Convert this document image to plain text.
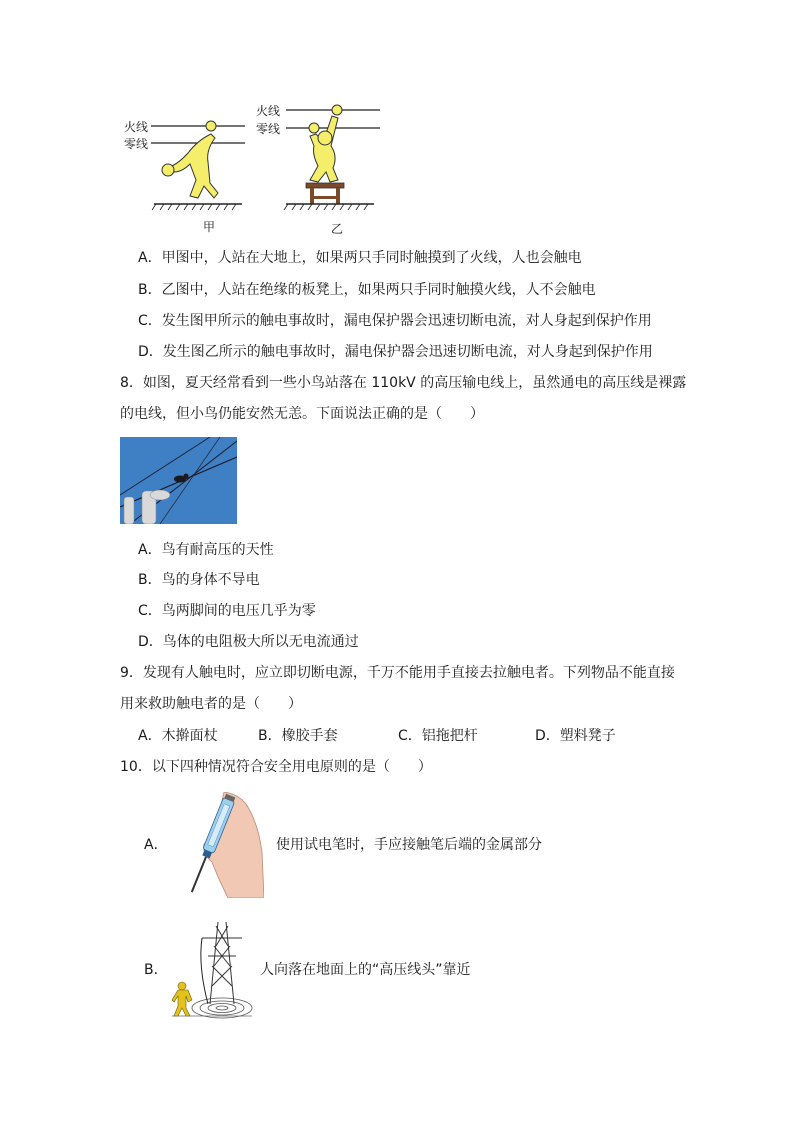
火线
零线
火线
零线
甲	乙
A．甲图中，人站在大地上，如果两只手同时触摸到了火线，人也会触电
B．乙图中，人站在绝缘的板凳上，如果两只手同时触摸火线，人不会触电
C．发生图甲所示的触电事故时，漏电保护器会迅速切断电流，对人身起到保护作用
D．发生图乙所示的触电事故时，漏电保护器会迅速切断电流，对人身起到保护作用
8．如图，夏天经常看到一些小鸟站落在 110kV 的高压输电线上，虽然通电的高压线是裸露
的电线，但小鸟仍能安然无恙。下面说法正确的是（　　）
A．鸟有耐高压的天性
B．鸟的身体不导电
C．鸟两脚间的电压几乎为零
D．鸟体的电阻极大所以无电流通过
9．发现有人触电时，应立即切断电源，千万不能用手直接去拉触电者。下列物品不能直接
用来救助触电者的是（　　）
A．木擀面杖	B．橡胶手套	C．铝拖把杆	D．塑料凳子
10．以下四种情况符合安全用电原则的是（　　）
A．	使用试电笔时，手应接触笔后端的金属部分
B．	人向落在地面上的“高压线头”靠近
